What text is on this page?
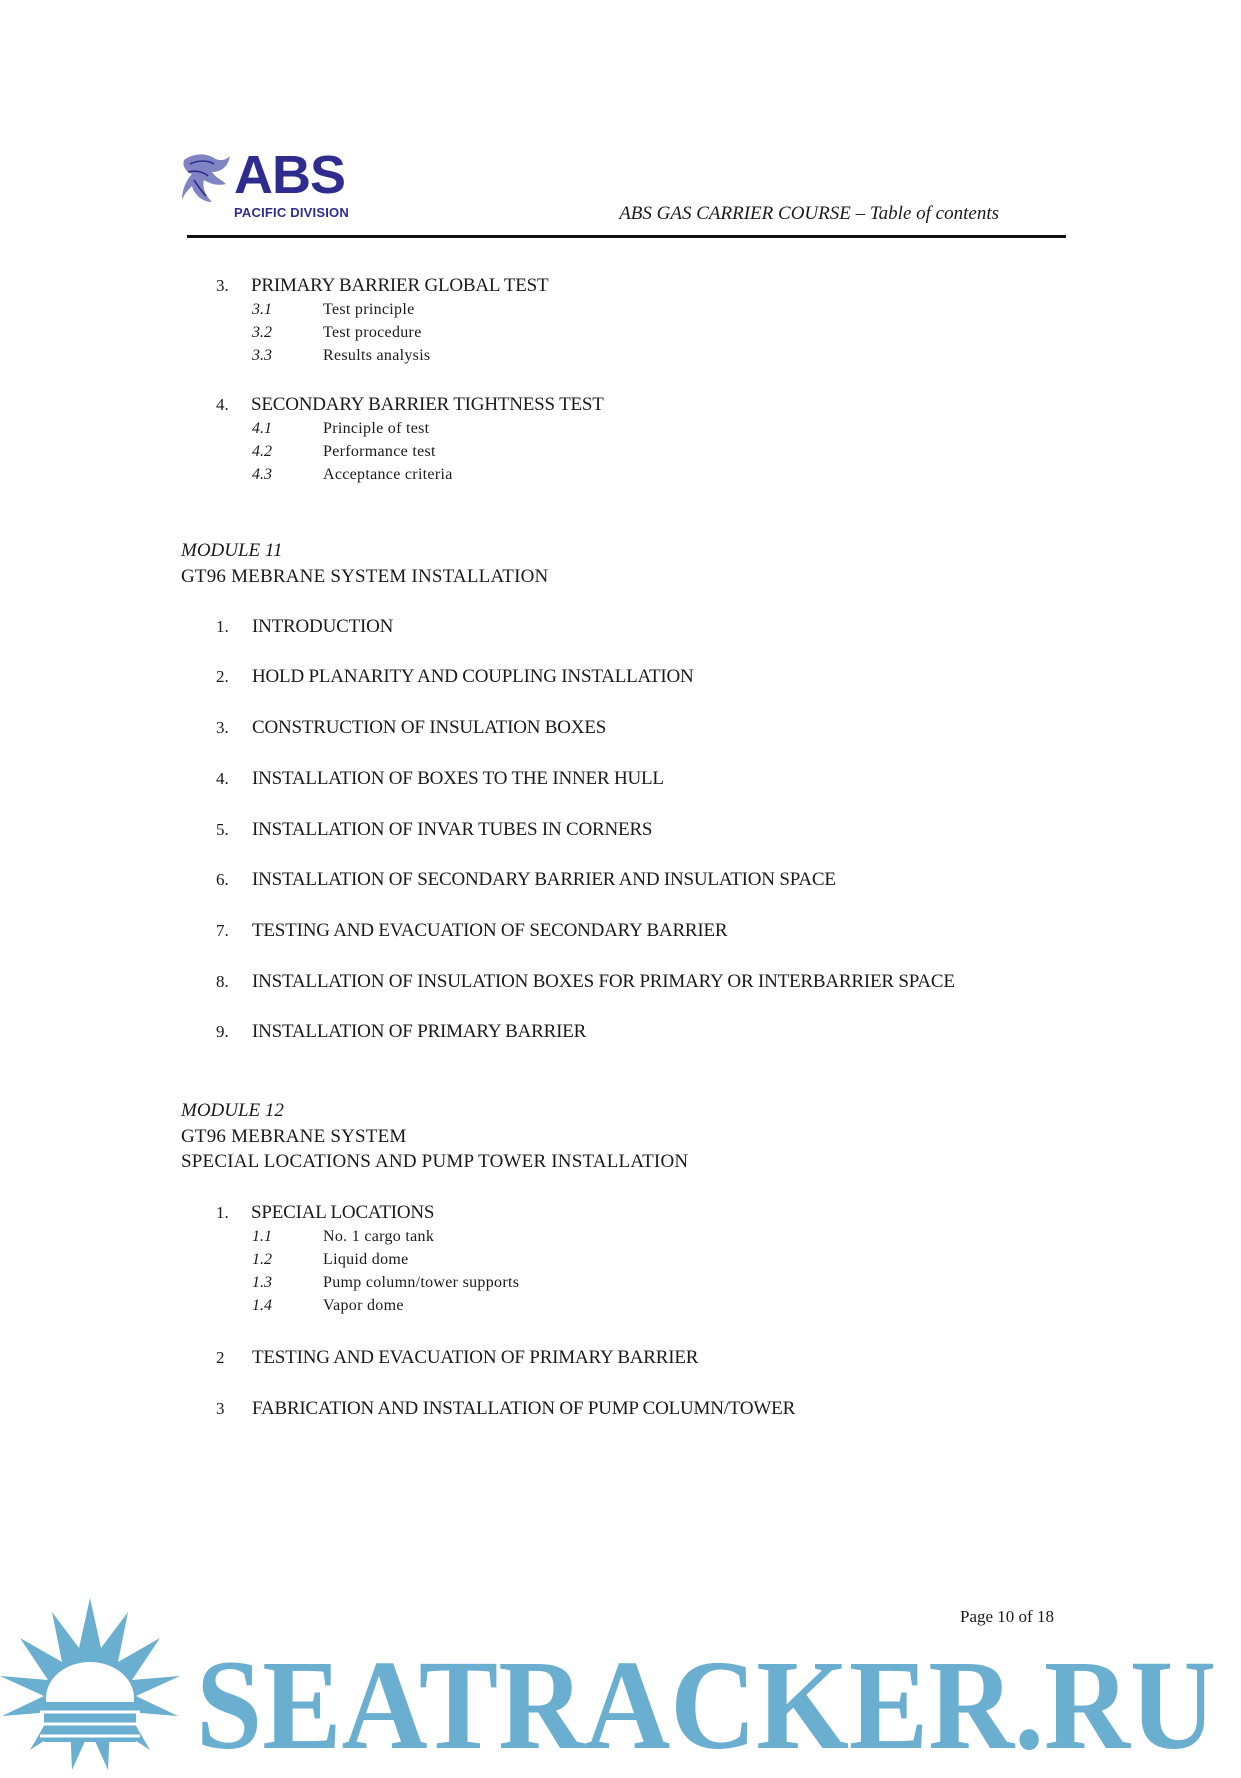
ABS
PACIFIC DIVISION	ABS GAS CARRIER COURSE – Table of contents
3. PRIMARY BARRIER GLOBAL TEST
3.1	Test principle
3.2	Test procedure
3.3	Results analysis
4. SECONDARY BARRIER TIGHTNESS TEST
4.1	Principle of test
4.2	Performance test
4.3	Acceptance criteria
MODULE 11
GT96 MEBRANE SYSTEM INSTALLATION
1. INTRODUCTION
2. HOLD PLANARITY AND COUPLING INSTALLATION
3. CONSTRUCTION OF INSULATION BOXES
4. INSTALLATION OF BOXES TO THE INNER HULL
5. INSTALLATION OF INVAR TUBES IN CORNERS
6. INSTALLATION OF SECONDARY BARRIER AND INSULATION SPACE
7. TESTING AND EVACUATION OF SECONDARY BARRIER
8. INSTALLATION OF INSULATION BOXES FOR PRIMARY OR INTERBARRIER SPACE
9. INSTALLATION OF PRIMARY BARRIER
MODULE 12
GT96 MEBRANE SYSTEM
SPECIAL LOCATIONS AND PUMP TOWER INSTALLATION
1. SPECIAL LOCATIONS
1.1	No. 1 cargo tank
1.2	Liquid dome
1.3	Pump column/tower supports
1.4	Vapor dome
2 TESTING AND EVACUATION OF PRIMARY BARRIER
3 FABRICATION AND INSTALLATION OF PUMP COLUMN/TOWER
Page 10 of 18
SEATRACKER.RU
